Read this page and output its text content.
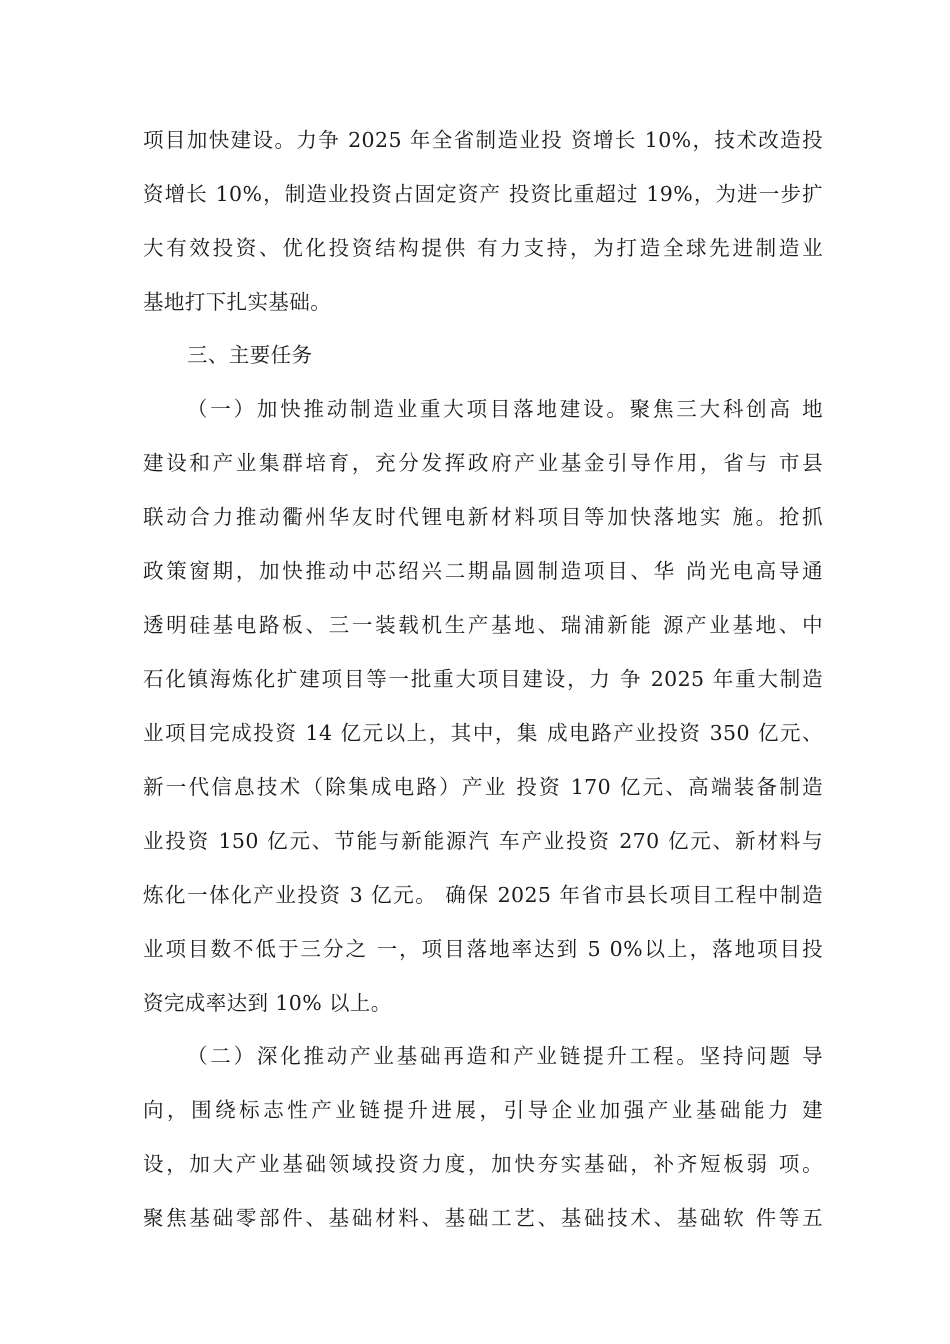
项目加快建设。力争 2025 年全省制造业投 资增长 10%，技术改造投
资增长 10%，制造业投资占固定资产 投资比重超过 19%，为进一步扩
大有效投资、优化投资结构提供 有力支持，为打造全球先进制造业
基地打下扎实基础。
三、主要任务
（一）加快推动制造业重大项目落地建设。聚焦三大科创高 地
建设和产业集群培育，充分发挥政府产业基金引导作用，省与 市县
联动合力推动衢州华友时代锂电新材料项目等加快落地实 施。抢抓
政策窗期，加快推动中芯绍兴二期晶圆制造项目、华 尚光电高导通
透明硅基电路板、三一装载机生产基地、瑞浦新能 源产业基地、中
石化镇海炼化扩建项目等一批重大项目建设，力 争 2025 年重大制造
业项目完成投资 14 亿元以上，其中，集 成电路产业投资 350 亿元、
新一代信息技术（除集成电路）产业 投资 170 亿元、高端装备制造
业投资 150 亿元、节能与新能源汽 车产业投资 270 亿元、新材料与
炼化一体化产业投资 3 亿元。 确保 2025 年省市县长项目工程中制造
业项目数不低于三分之 一，项目落地率达到 5 0%以上，落地项目投
资完成率达到 10% 以上。
（二）深化推动产业基础再造和产业链提升工程。坚持问题 导
向，围绕标志性产业链提升进展，引导企业加强产业基础能力 建
设，加大产业基础领域投资力度，加快夯实基础，补齐短板弱 项。
聚焦基础零部件、基础材料、基础工艺、基础技术、基础软 件等五
